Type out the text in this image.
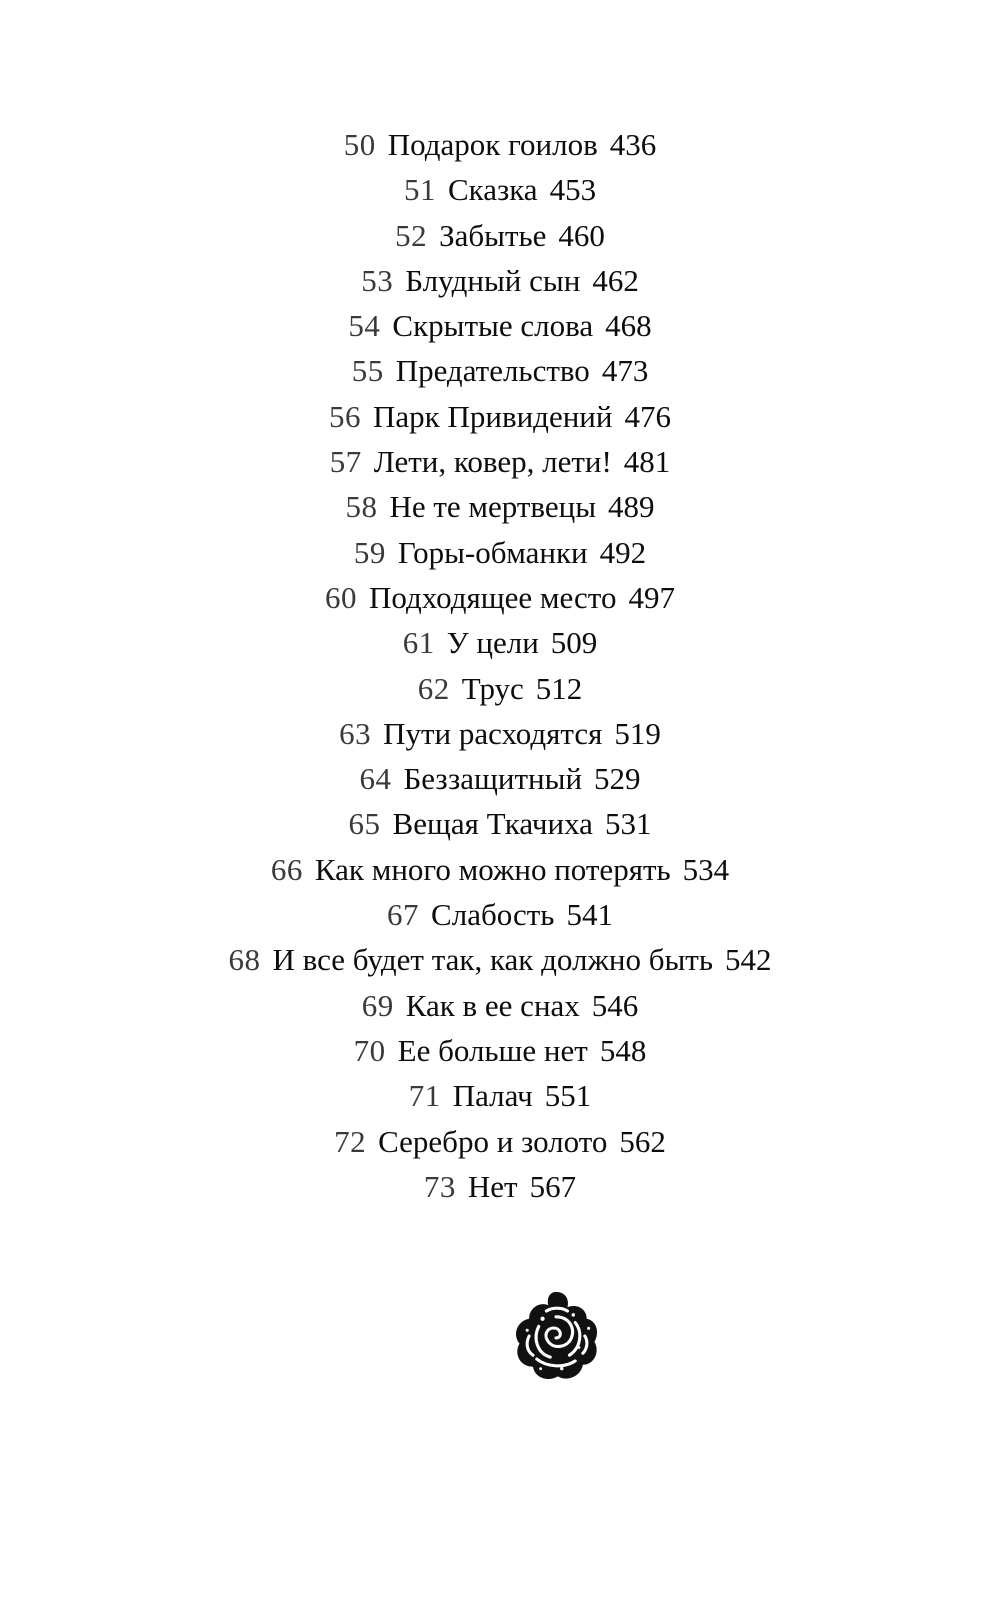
50 Подарок гоилов 436
51 Сказка 453
52 Забытье 460
53 Блудный сын 462
54 Скрытые слова 468
55 Предательство 473
56 Парк Привидений 476
57 Лети, ковер, лети! 481
58 Не те мертвецы 489
59 Горы-обманки 492
60 Подходящее место 497
61 У цели 509
62 Трус 512
63 Пути расходятся 519
64 Беззащитный 529
65 Вещая Ткачиха 531
66 Как много можно потерять 534
67 Слабость 541
68 И все будет так, как должно быть 542
69 Как в ее снах 546
70 Ее больше нет 548
71 Палач 551
72 Серебро и золото 562
73 Нет 567
